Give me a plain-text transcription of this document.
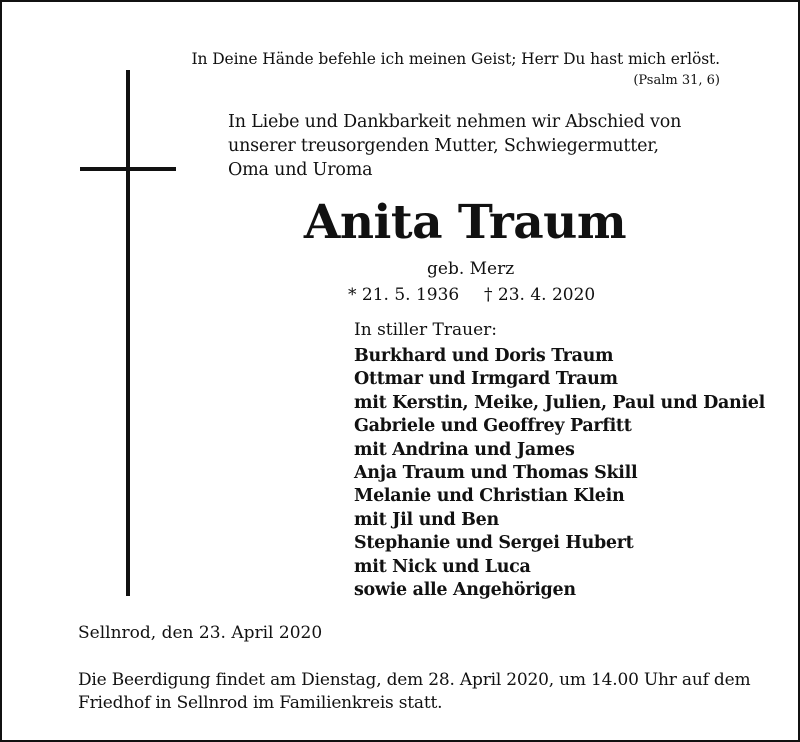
In Deine Hände befehle ich meinen Geist; Herr Du hast mich erlöst.
(Psalm 31, 6)
In Liebe und Dankbarkeit nehmen wir Abschied von
unserer treusorgenden Mutter, Schwiegermutter,
Oma und Uroma
Anita Traum
geb. Merz
* 21. 5. 1936 † 23. 4. 2020
In stiller Trauer:
Burkhard und Doris Traum
Ottmar und Irmgard Traum
mit Kerstin, Meike, Julien, Paul und Daniel
Gabriele und Geoffrey Parfitt
mit Andrina und James
Anja Traum und Thomas Skill
Melanie und Christian Klein
mit Jil und Ben
Stephanie und Sergei Hubert
mit Nick und Luca
sowie alle Angehörigen
Sellnrod, den 23. April 2020
Die Beerdigung findet am Dienstag, dem 28. April 2020, um 14.00 Uhr auf dem
Friedhof in Sellnrod im Familienkreis statt.
